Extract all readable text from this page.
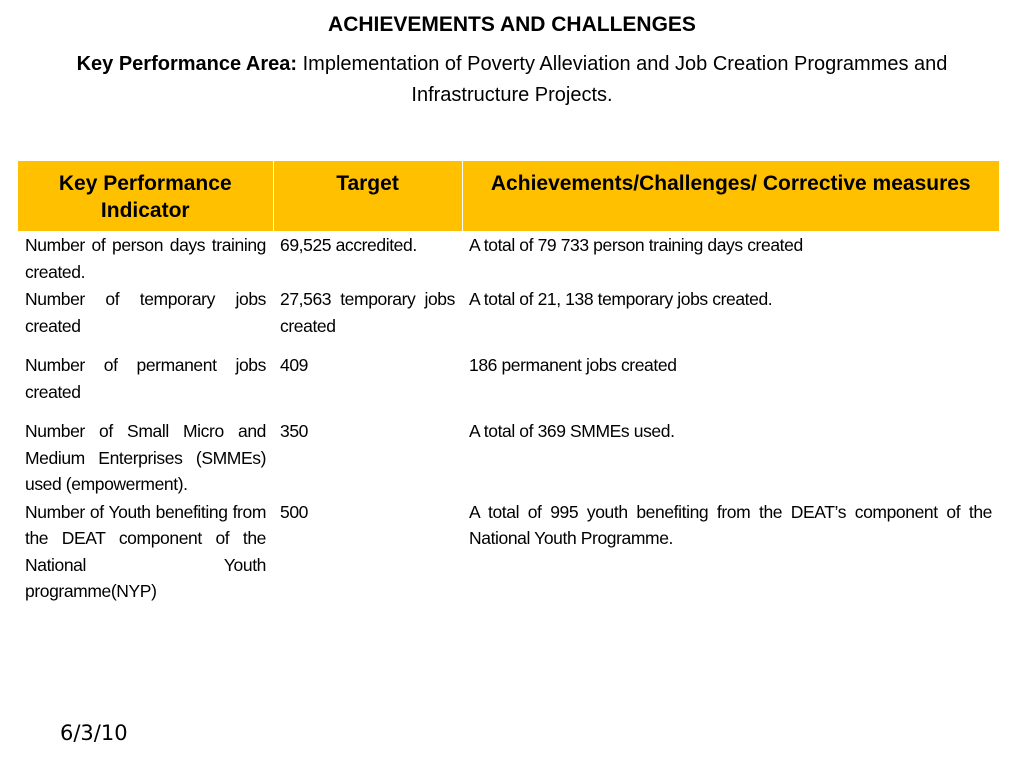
ACHIEVEMENTS AND CHALLENGES
Key Performance Area: Implementation of Poverty Alleviation and Job Creation Programmes and Infrastructure Projects.
Key Performance Indicator	Target	Achievements/Challenges/ Corrective measures
Number of person days training created.	69,525 accredited.	A total of 79 733 person training days created
Number of temporary jobs created	27,563 temporary jobs created	A total of 21, 138 temporary jobs created.
Number of permanent jobs created	409	186 permanent jobs created
Number of Small Micro and Medium Enterprises (SMMEs) used (empowerment).	350	A total of 369 SMMEs used.
Number of Youth benefiting from the DEAT component of the National Youth programme(NYP)	500	A total of 995 youth benefiting from the DEAT’s component of the National Youth Programme.
6/3/10
